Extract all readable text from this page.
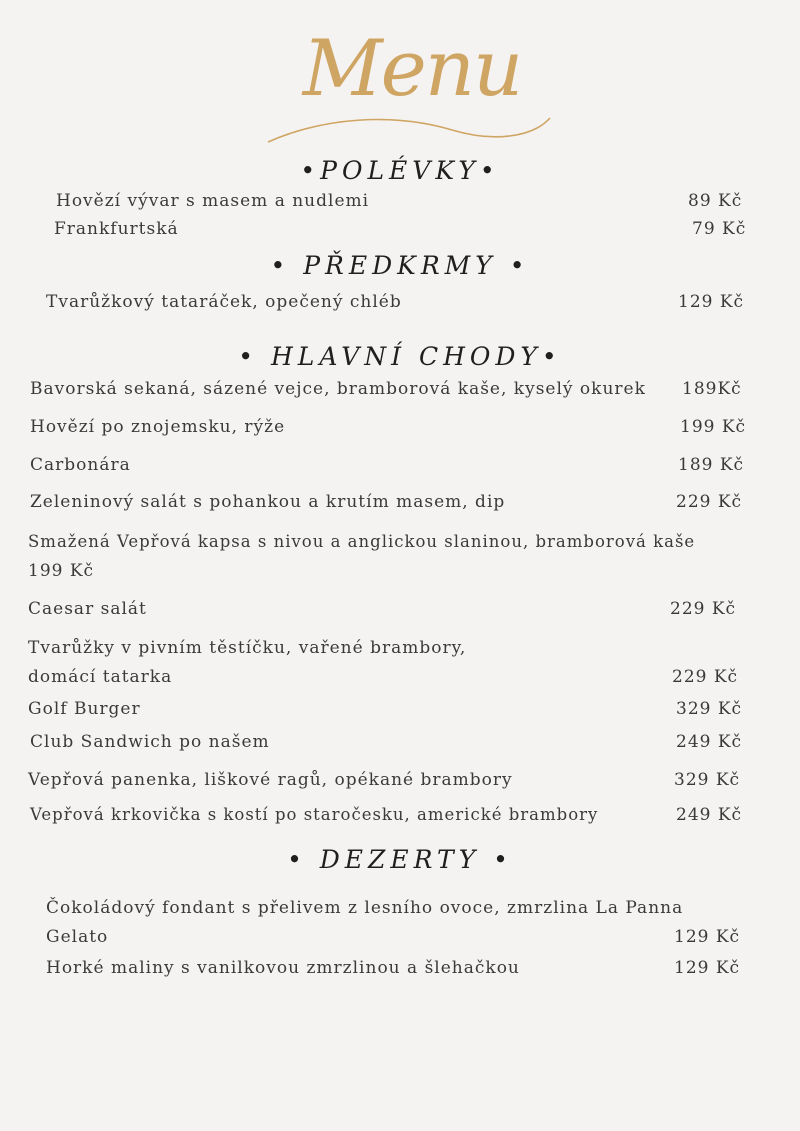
Menu
•POLÉVKY•
Hovězí vývar s masem a nudlemi	89 Kč
Frankfurtská	79 Kč
• PŘEDKRMY •
Tvarůžkový tataráček, opečený chléb	129 Kč
• HLAVNÍ CHODY•
Bavorská sekaná, sázené vejce, bramborová kaše, kyselý okurek 189Kč
Hovězí po znojemsku, rýže	199 Kč
Carbonára	189 Kč
Zeleninový salát s pohankou a krutím masem, dip	229 Kč
Smažená Vepřová kapsa s nivou a anglickou slaninou, bramborová kaše
199 Kč
Caesar salát	229 Kč
Tvarůžky v pivním těstíčku, vařené brambory,
domácí tatarka	229 Kč
Golf Burger	329 Kč
Club Sandwich po našem	249 Kč
Vepřová panenka, liškové ragů, opékané brambory	329 Kč
Vepřová krkovička s kostí po staročesku, americké brambory	249 Kč
• DEZERTY •
Čokoládový fondant s přelivem z lesního ovoce, zmrzlina La Panna
Gelato	129 Kč
Horké maliny s vanilkovou zmrzlinou a šlehačkou	129 Kč
